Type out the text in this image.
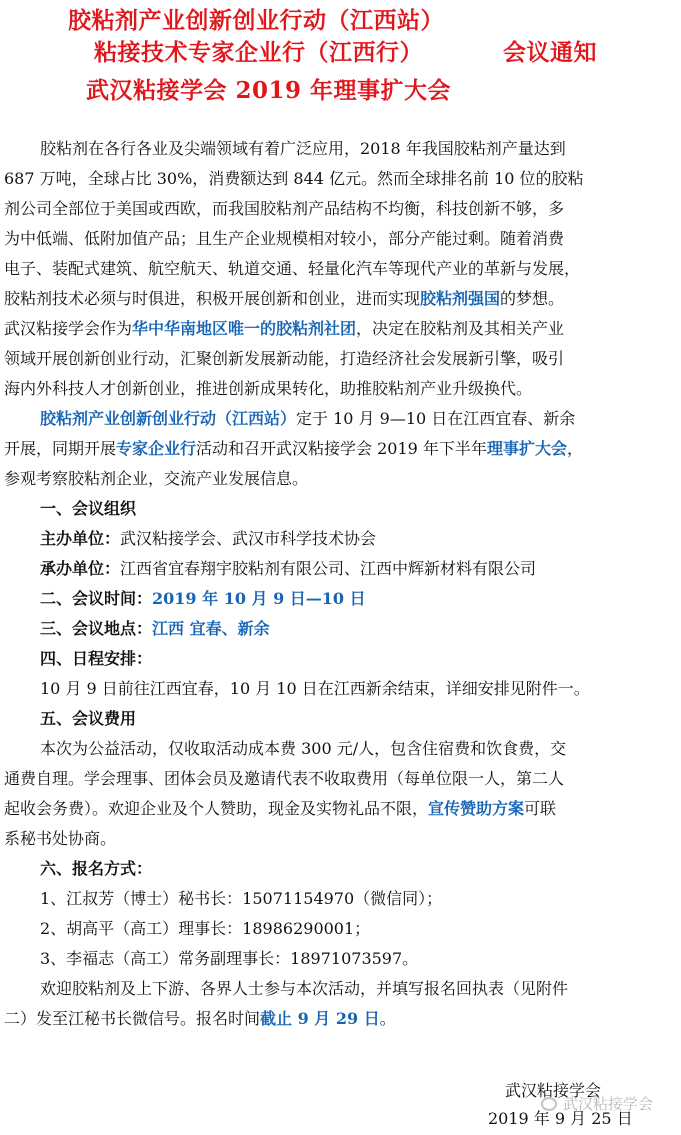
胶粘剂产业创新创业行动（江西站）
粘接技术专家企业行（江西行）	会议通知
武汉粘接学会 2019 年理事扩大会
胶粘剂在各行各业及尖端领域有着广泛应用，2018 年我国胶粘剂产量达到
687 万吨，全球占比 30%，消费额达到 844 亿元。然而全球排名前 10 位的胶粘
剂公司全部位于美国或西欧，而我国胶粘剂产品结构不均衡，科技创新不够，多
为中低端、低附加值产品；且生产企业规模相对较小，部分产能过剩。随着消费
电子、装配式建筑、航空航天、轨道交通、轻量化汽车等现代产业的革新与发展，
胶粘剂技术必须与时俱进，积极开展创新和创业，进而实现胶粘剂强国的梦想。
武汉粘接学会作为华中华南地区唯一的胶粘剂社团，决定在胶粘剂及其相关产业
领域开展创新创业行动，汇聚创新发展新动能，打造经济社会发展新引擎，吸引
海内外科技人才创新创业，推进创新成果转化，助推胶粘剂产业升级换代。
胶粘剂产业创新创业行动（江西站）定于 10 月 9—10 日在江西宜春、新余
开展，同期开展专家企业行活动和召开武汉粘接学会 2019 年下半年理事扩大会，
参观考察胶粘剂企业，交流产业发展信息。
一、会议组织
主办单位：武汉粘接学会、武汉市科学技术协会
承办单位：江西省宜春翔宇胶粘剂有限公司、江西中辉新材料有限公司
二、会议时间：2019 年 10 月 9 日—10 日
三、会议地点：江西 宜春、新余
四、日程安排：
10 月 9 日前往江西宜春，10 月 10 日在江西新余结束，详细安排见附件一。
五、会议费用
本次为公益活动，仅收取活动成本费 300 元/人，包含住宿费和饮食费，交
通费自理。学会理事、团体会员及邀请代表不收取费用（每单位限一人，第二人
起收会务费）。欢迎企业及个人赞助，现金及实物礼品不限，宣传赞助方案可联
系秘书处协商。
六、报名方式：
1、江叔芳（博士）秘书长：15071154970（微信同）；
2、胡高平（高工）理事长：18986290001；
3、李福志（高工）常务副理事长：18971073597。
欢迎胶粘剂及上下游、各界人士参与本次活动，并填写报名回执表（见附件
二）发至江秘书长微信号。报名时间截止 9 月 29 日。
武汉粘接学会
2019 年 9 月 25 日
武汉粘接学会
